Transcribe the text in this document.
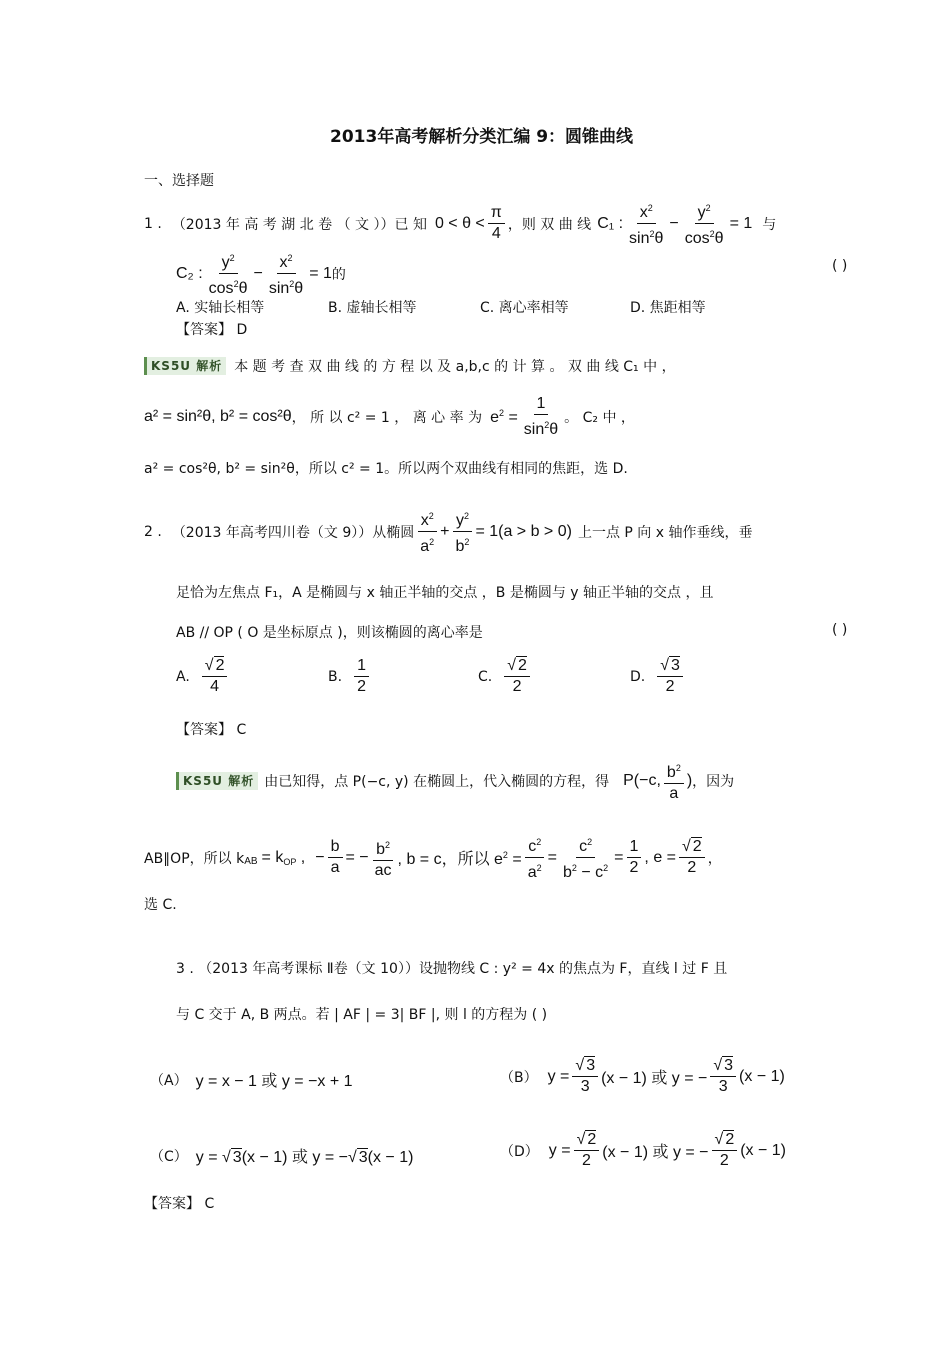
2013年高考解析分类汇编 9：圆锥曲线
一、选择题
1 . （2013 年 高 考 湖 北 卷 （ 文 ））已 知 $0 < \theta < \frac{\pi}{4}$ ，则 双 曲 线 C₁ : $\frac{x^2}{\sin^2\theta} - \frac{y^2}{\cos^2\theta} = 1$ 与
C₂ : $\frac{y^2}{\cos^2\theta} - \frac{x^2}{\sin^2\theta} = 1$ 的
( )
A. 实轴长相等	B. 虚轴长相等	C. 离心率相等	D. 焦距相等
【答案】 D
KS5U 解析 本 题 考 查 双 曲 线 的 方 程 以 及 a,b,c 的 计 算 。 双 曲 线 C₁ 中 ，
a² = sin²θ, b² = cos²θ ， 所 以 c² = 1 ， 离 心 率 为 $e^2 = \frac{1}{\sin^2\theta}$ 。 C₂ 中 ，
a² = cos²θ, b² = sin²θ，所以 c² = 1。所以两个双曲线有相同的焦距，选 D.
2 . （2013 年高考四川卷（文 9））从椭圆 $\frac{x^2}{a^2} + \frac{y^2}{b^2} = 1(a > b > 0)$ 上一点 P 向 x 轴作垂线，垂
足恰为左焦点 F₁，A 是椭圆与 x 轴正半轴的交点 ，B 是椭圆与 y 轴正半轴的交点 ，且
AB // OP ( O 是坐标原点 )，则该椭圆的离心率是	( )
A. $\frac{√ 2}{4}$	B. $\frac{1}{2}$	C. $\frac{√ 2}{2}$	D. $\frac{√ 3}{2}$
【答案】 C
KS5U 解析 由已知得，点 P(−c, y) 在椭圆上，代入椭圆的方程，得 P(−c, $\frac{b^2}{a}$ ) ，因为
AB∥OP，所以 k AB = $k_{OP}$ , − $\frac{b}{a}$ = − $\frac{b^2}{ac}$ , b = c，所以 $e^2 = \frac{c^2}{a^2} = \frac{c^2}{b^2 - c^2} = \frac{1}{2}$ , $e = \frac{√ 2}{2}$ ，
选 C.
3 . （2013 年高考课标 Ⅱ卷（文 10））设抛物线 C : y² = 4x 的焦点为 F，直线 l 过 F 且
与 C 交于 A, B 两点。若 | AF | = 3| BF |, 则 l 的方程为 ( )
（A） y = x − 1 或 y = −x + 1	（B） $y = \frac{√ 3}{3} (x - 1)$ 或 y = − $\frac{√ 3}{3} (x - 1)$
（C） y = √ 3(x − 1) 或 y = −√ 3(x − 1)	（D） $y = \frac{√ 2}{2} (x - 1)$ 或 y = − $\frac{√ 2}{2} (x - 1)$
【答案】 C
